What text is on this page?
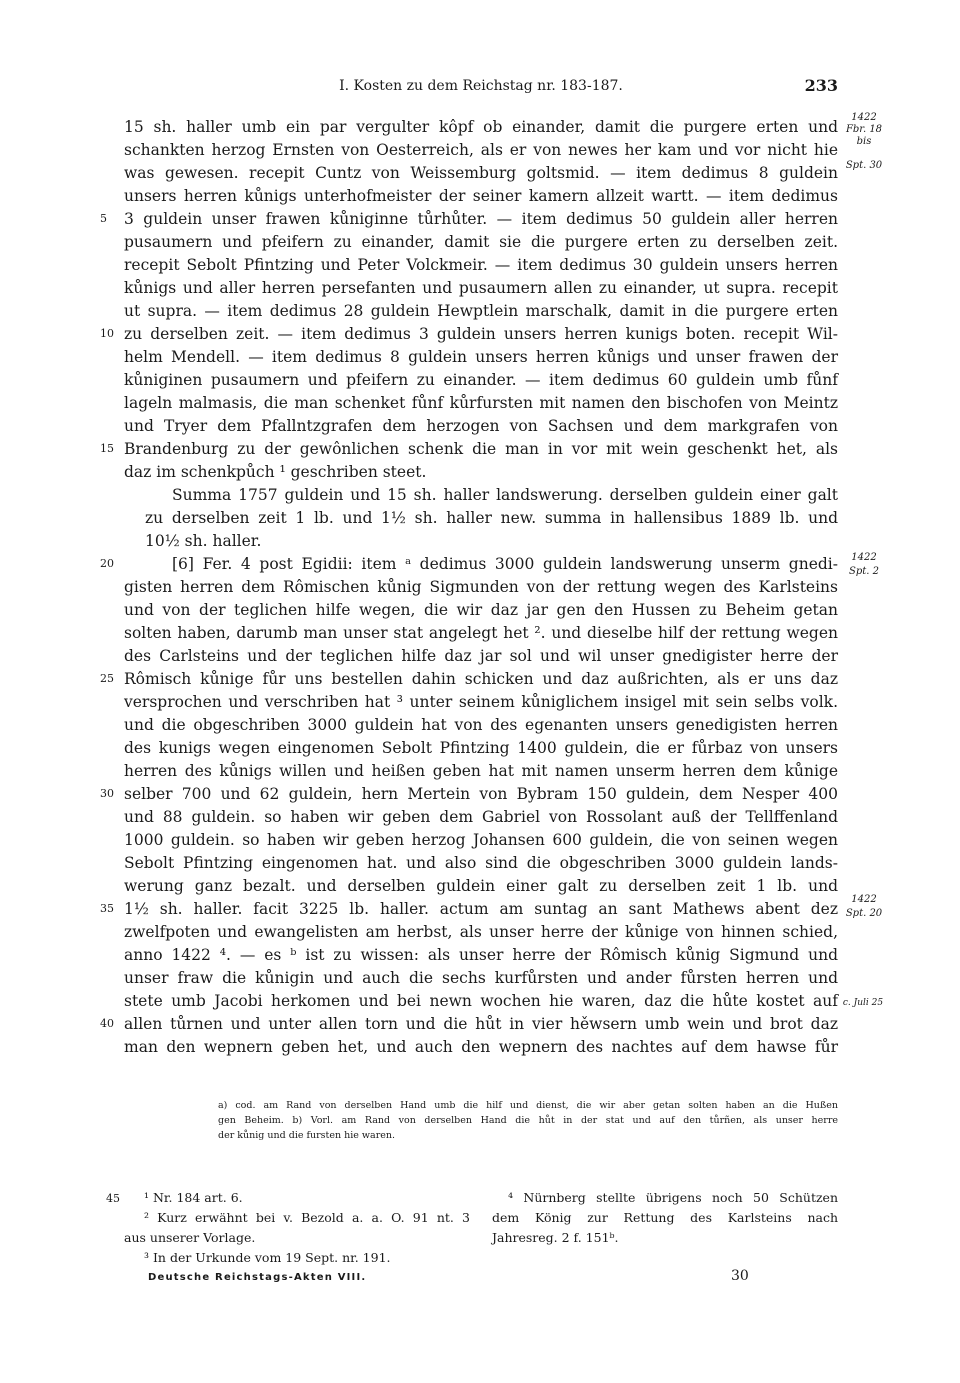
I. Kosten zu dem Reichstag nr. 183-187.	233
15 sh. haller umb ein par vergulter kôpf ob einander, damit die purgere erten und
schankten herzog Ernsten von Oesterreich, als er von newes her kam und vor nicht hie
was gewesen. recepit Cuntz von Weissemburg goltsmid. — item dedimus 8 guldein
unsers herren kůnigs unterhofmeister der seiner kamern allzeit wartt. — item dedimus
3 guldein unser frawen kůniginne tůrhůter. — item dedimus 50 guldein aller herren
pusaumern und pfeifern zu einander, damit sie die purgere erten zu derselben zeit.
recepit Sebolt Pfintzing und Peter Volckmeir. — item dedimus 30 guldein unsers herren
kůnigs und aller herren persefanten und pusaumern allen zu einander, ut supra. recepit
ut supra. — item dedimus 28 guldein Hewptlein marschalk, damit in die purgere erten
zu derselben zeit. — item dedimus 3 guldein unsers herren kunigs boten. recepit Wil-
helm Mendell. — item dedimus 8 guldein unsers herren kůnigs und unser frawen der
kůniginen pusaumern und pfeifern zu einander. — item dedimus 60 guldein umb fůnf
lageln malmasis, die man schenket fůnf kůrfursten mit namen den bischofen von Meintz
und Tryer dem Pfallntzgrafen dem herzogen von Sachsen und dem markgrafen von
Brandenburg zu der gewônlichen schenk die man in vor mit wein geschenkt het, als
daz im schenkpůch ¹ geschriben steet.
Summa 1757 guldein und 15 sh. haller landswerung. derselben guldein einer galt
zu derselben zeit 1 lb. und 1½ sh. haller new. summa in hallensibus 1889 lb. und
10½ sh. haller.
[6] Fer. 4 post Egidii: item ᵃ dedimus 3000 guldein landswerung unserm gnedi-
gisten herren dem Rômischen kůnig Sigmunden von der rettung wegen des Karlsteins
und von der teglichen hilfe wegen, die wir daz jar gen den Hussen zu Beheim getan
solten haben, darumb man unser stat angelegt het ². und dieselbe hilf der rettung wegen
des Carlsteins und der teglichen hilfe daz jar sol und wil unser gnedigister herre der
Rômisch kůnige fůr uns bestellen dahin schicken und daz außrichten, als er uns daz
versprochen und verschriben hat ³ unter seinem kůniglichem insigel mit sein selbs volk.
und die obgeschriben 3000 guldein hat von des egenanten unsers genedigisten herren
des kunigs wegen eingenomen Sebolt Pfintzing 1400 guldein, die er fůrbaz von unsers
herren des kůnigs willen und heißen geben hat mit namen unserm herren dem kůnige
selber 700 und 62 guldein, hern Mertein von Bybram 150 guldein, dem Nesper 400
und 88 guldein. so haben wir geben dem Gabriel von Rossolant auß der Tellffenland
1000 guldein. so haben wir geben herzog Johansen 600 guldein, die von seinen wegen
Sebolt Pfintzing eingenomen hat. und also sind die obgeschriben 3000 guldein lands-
werung ganz bezalt. und derselben guldein einer galt zu derselben zeit 1 lb. und
1½ sh. haller. facit 3225 lb. haller. actum am suntag an sant Mathews abent dez
zwelfpoten und ewangelisten am herbst, als unser herre der kůnige von hinnen schied,
anno 1422 ⁴. — es ᵇ ist zu wissen: als unser herre der Rômisch kůnig Sigmund und
unser fraw die kůnigin und auch die sechs kurfůrsten und ander fůrsten herren und
stete umb Jacobi herkomen und bei newn wochen hie waren, daz die hůte kostet auf
allen tůrnen und unter allen torn und die hůt in vier hěwsern umb wein und brot daz
man den wepnern geben het, und auch den wepnern des nachtes auf dem hawse fůr
5
10
15
20
25
30
35
40
1422
Fbr. 18
bis
Spt. 30
1422
Spt. 2
1422
Spt. 20
c. Juli 25
a) cod. am Rand von derselben Hand umb die hilf und dienst, die wir aber getan solten haben an die Hußen
gen Beheim. b) Vorl. am Rand von derselben Hand die hůt in der stat und auf den tůrñen, als unser herre
der kůnig und die fursten hie waren.
45	¹ Nr. 184 art. 6.
² Kurz erwähnt bei v. Bezold a. a. O. 91 nt. 3
aus unserer Vorlage.
³ In der Urkunde vom 19 Sept. nr. 191.
⁴ Nürnberg stellte übrigens noch 50 Schützen
dem König zur Rettung des Karlsteins nach
Jahresreg. 2 f. 151ᵇ.
Deutsche Reichstags-Akten VIII.	30
